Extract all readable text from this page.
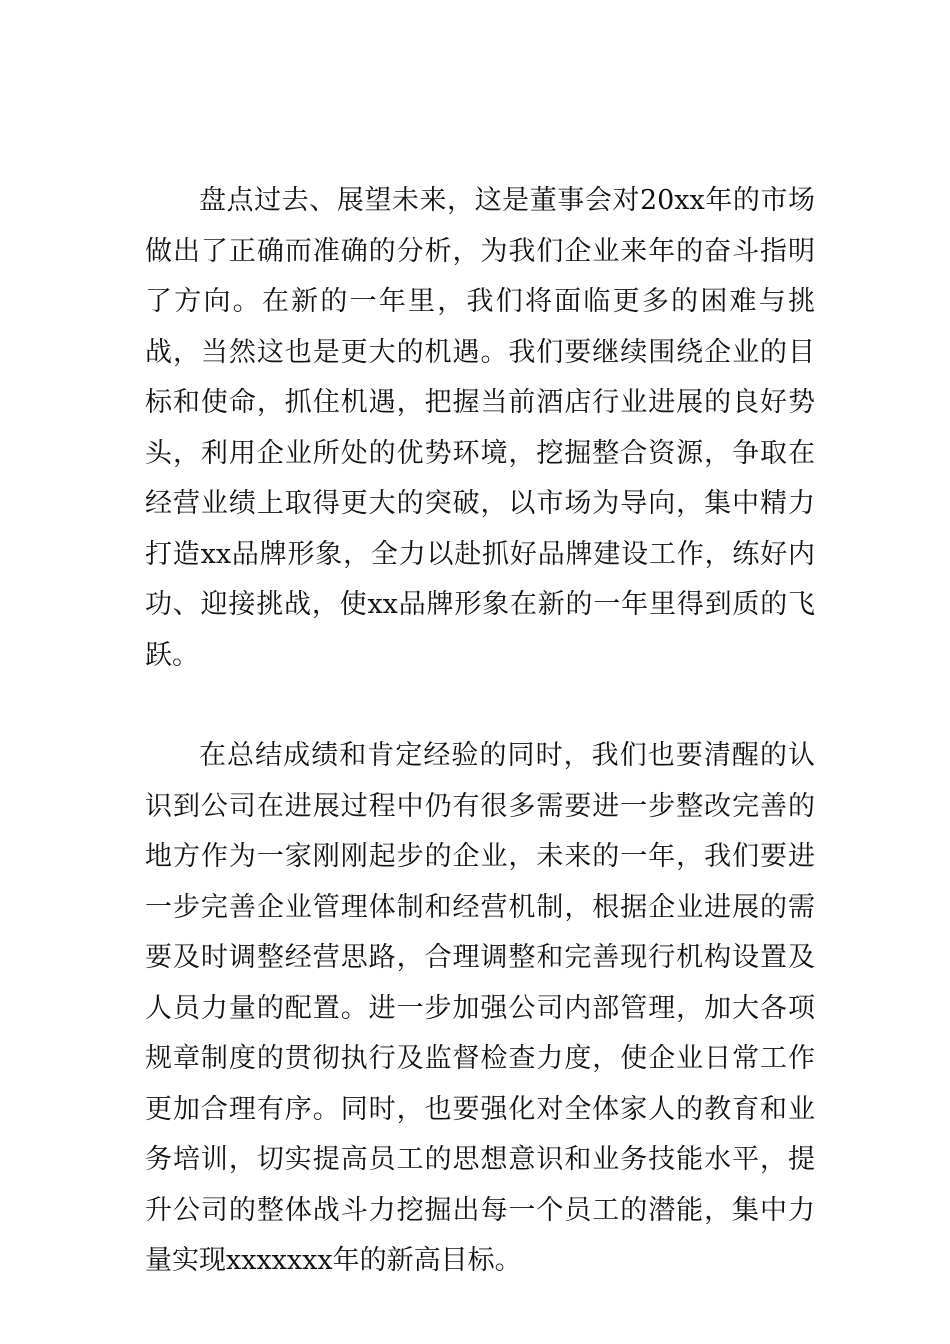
盘点过去、展望未来，这是董事会对20xx年的市场做出了正确而准确的分析，为我们企业来年的奋斗指明了方向。在新的一年里，我们将面临更多的困难与挑战，当然这也是更大的机遇。我们要继续围绕企业的目标和使命，抓住机遇，把握当前酒店行业进展的良好势头，利用企业所处的优势环境，挖掘整合资源，争取在经营业绩上取得更大的突破，以市场为导向，集中精力打造xx品牌形象，全力以赴抓好品牌建设工作，练好内功、迎接挑战，使xx品牌形象在新的一年里得到质的飞跃。

在总结成绩和肯定经验的同时，我们也要清醒的认识到公司在进展过程中仍有很多需要进一步整改完善的地方作为一家刚刚起步的企业，未来的一年，我们要进一步完善企业管理体制和经营机制，根据企业进展的需要及时调整经营思路，合理调整和完善现行机构设置及人员力量的配置。进一步加强公司内部管理，加大各项规章制度的贯彻执行及监督检查力度，使企业日常工作更加合理有序。同时，也要强化对全体家人的教育和业务培训，切实提高员工的思想意识和业务技能水平，提升公司的整体战斗力挖掘出每一个员工的潜能，集中力量实现xxxxxxx年的新高目标。
